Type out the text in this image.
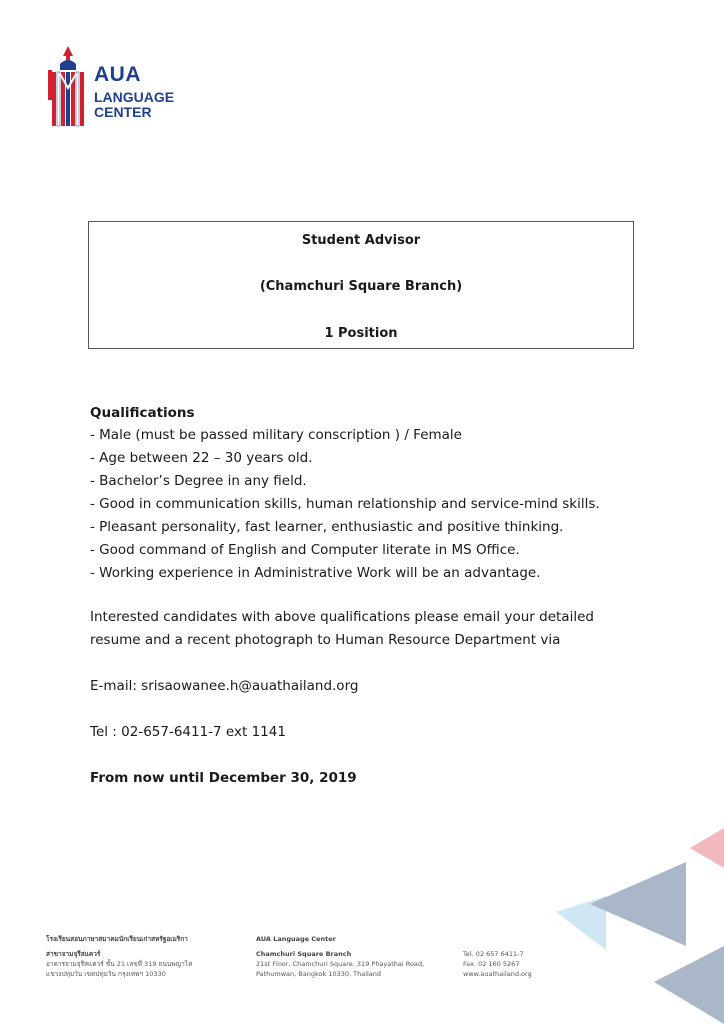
AUA
LANGUAGE
CENTER
Student Advisor
(Chamchuri Square Branch)
1 Position

Qualifications

- Male (must be passed military conscription ) / Female
- Age between 22 – 30 years old.
- Bachelor’s Degree in any field.
- Good in communication skills, human relationship and service-mind skills.
- Pleasant personality, fast learner, enthusiastic and positive thinking.
- Good command of English and Computer literate in MS Office.
- Working experience in Administrative Work will be an advantage.

Interested candidates with above qualifications please email your detailed

resume and a recent photograph to Human Resource Department via

E-mail: srisaowanee.h@auathailand.org

Tel : 02-657-6411-7 ext 1141

From now until December 30, 2019

โรงเรียนสอนภาษาสมาคมนักเรียนเก่าสหรัฐอเมริกา
สาขาจามจุรีสแควร์
อาคารจามจุรีสแควร์ ชั้น 21 เลขที่ 319 ถนนพญาไท
แขวงปทุมวัน เขตปทุมวัน กรุงเทพฯ 10330
AUA Language Center
Chamchuri Square Branch
21st Floor, Chamchuri Square, 319 Phayathai Road,
Pathumwan, Bangkok 10330, Thailand
Tel. 02 657 6411-7
Fax. 02 160 5267
www.auathailand.org
